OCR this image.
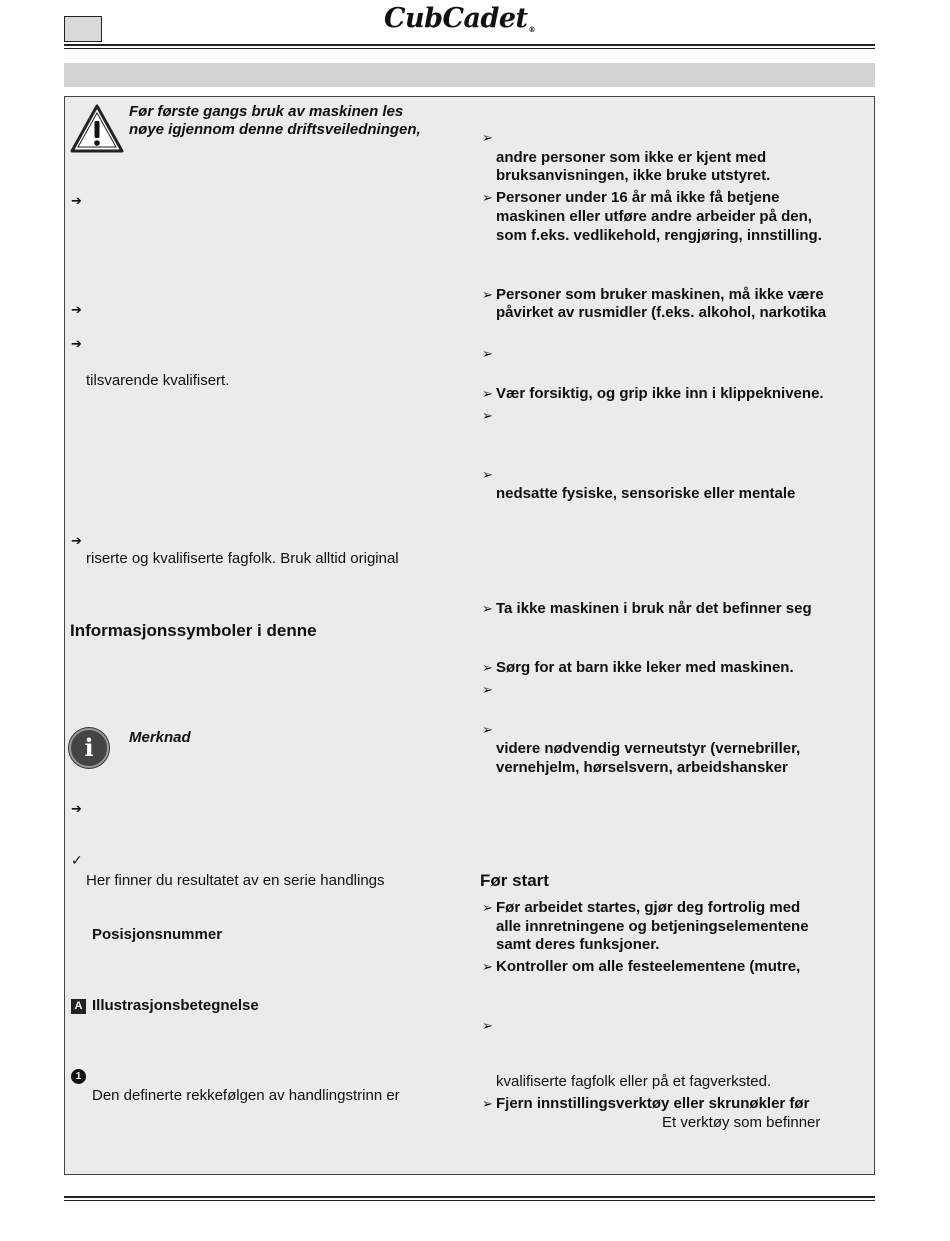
CubCadet®
Før første gangs bruk av maskinen les
nøye igjennom denne driftsveiledningen,
➔
➔
➔
tilsvarende kvalifisert.
➔
riserte og kvalifiserte fagfolk. Bruk alltid original
Informasjonssymboler i denne
i	Merknad
➔
✓
Her finner du resultatet av en serie handlings
Posisjonsnummer
A Illustrasjonsbetegnelse
1
Den definerte rekkefølgen av handlingstrinn er
➢
andre personer som ikke er kjent med
bruksanvisningen, ikke bruke utstyret.
➢ Personer under 16 år må ikke få betjene
maskinen eller utføre andre arbeider på den,
som f.eks. vedlikehold, rengjøring, innstilling.
➢ Personer som bruker maskinen, må ikke være
påvirket av rusmidler (f.eks. alkohol, narkotika
➢
➢ Vær forsiktig, og grip ikke inn i klippeknivene.
➢
➢
nedsatte fysiske, sensoriske eller mentale
➢ Ta ikke maskinen i bruk når det befinner seg
➢ Sørg for at barn ikke leker med maskinen.
➢
➢
videre nødvendig verneutstyr (vernebriller,
vernehjelm, hørselsvern, arbeidshansker
Før start
➢ Før arbeidet startes, gjør deg fortrolig med
alle innretningene og betjeningselementene
samt deres funksjoner.
➢ Kontroller om alle festeelementene (mutre,
➢
kvalifiserte fagfolk eller på et fagverksted.
➢ Fjern innstillingsverktøy eller skrunøkler før
Et verktøy som befinner
